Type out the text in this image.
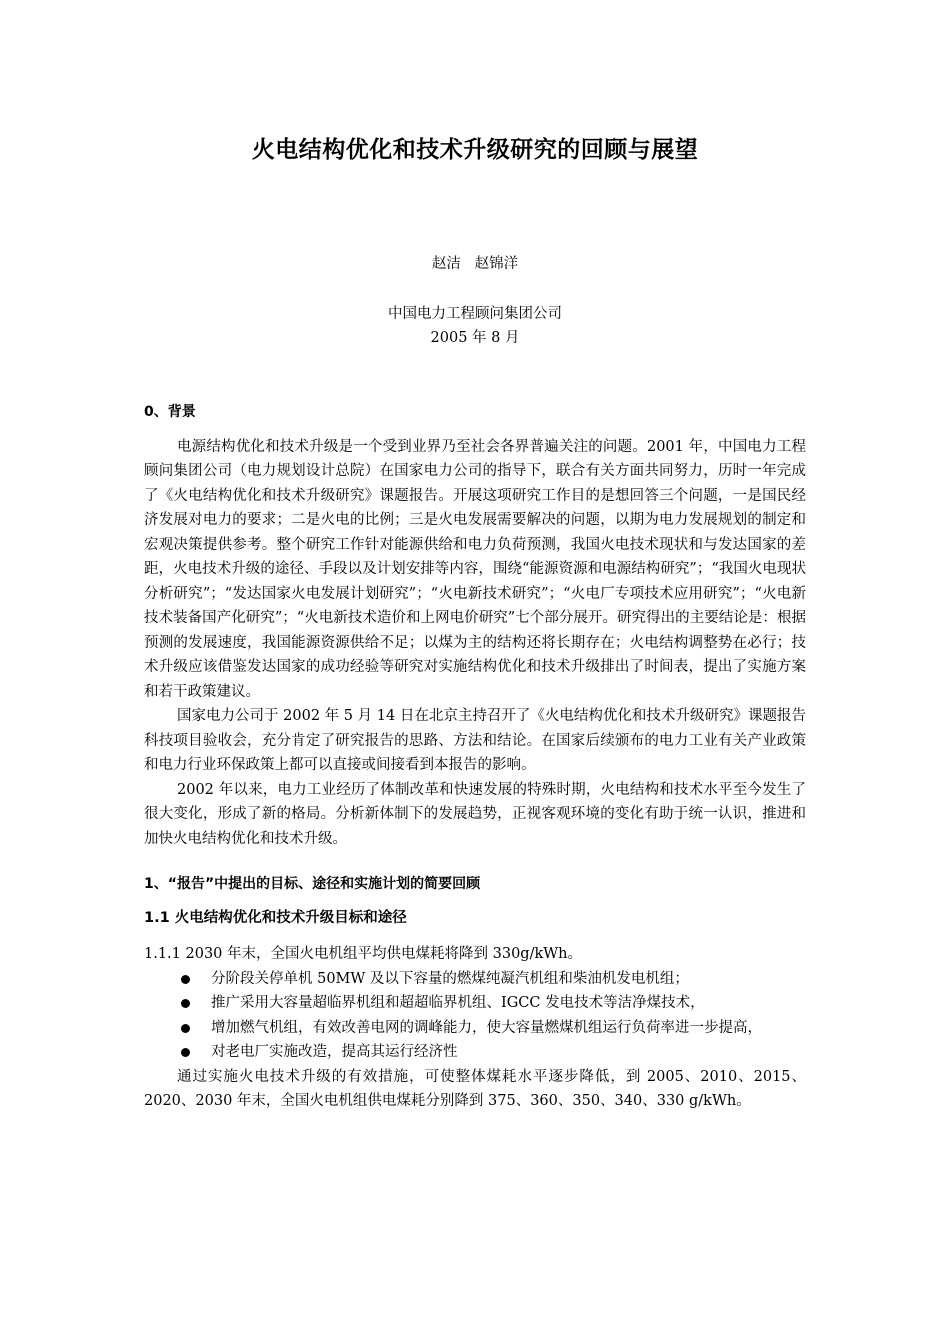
火电结构优化和技术升级研究的回顾与展望
赵洁   赵锦洋
中国电力工程顾问集团公司
2005 年 8 月

0、背景

电源结构优化和技术升级是一个受到业界乃至社会各界普遍关注的问题。2001 年，中国电力工程顾问集团公司（电力规划设计总院）在国家电力公司的指导下，联合有关方面共同努力，历时一年完成了《火电结构优化和技术升级研究》课题报告。开展这项研究工作目的是想回答三个问题，一是国民经济发展对电力的要求；二是火电的比例；三是火电发展需要解决的问题，以期为电力发展规划的制定和宏观决策提供参考。整个研究工作针对能源供给和电力负荷预测，我国火电技术现状和与发达国家的差距，火电技术升级的途径、手段以及计划安排等内容，围绕“能源资源和电源结构研究”；“我国火电现状分析研究”；“发达国家火电发展计划研究”；“火电新技术研究”；“火电厂专项技术应用研究”；“火电新技术装备国产化研究”；“火电新技术造价和上网电价研究”七个部分展开。研究得出的主要结论是：根据预测的发展速度，我国能源资源供给不足；以煤为主的结构还将长期存在；火电结构调整势在必行；技术升级应该借鉴发达国家的成功经验等研究对实施结构优化和技术升级排出了时间表，提出了实施方案和若干政策建议。

国家电力公司于 2002 年 5 月 14 日在北京主持召开了《火电结构优化和技术升级研究》课题报告科技项目验收会，充分肯定了研究报告的思路、方法和结论。在国家后续颁布的电力工业有关产业政策和电力行业环保政策上都可以直接或间接看到本报告的影响。

2002 年以来，电力工业经历了体制改革和快速发展的特殊时期，火电结构和技术水平至今发生了很大变化，形成了新的格局。分析新体制下的发展趋势，正视客观环境的变化有助于统一认识，推进和加快火电结构优化和技术升级。

1、“报告”中提出的目标、途径和实施计划的简要回顾

1.1 火电结构优化和技术升级目标和途径

1.1.1 2030 年末，全国火电机组平均供电煤耗将降到 330g/kWh。

分阶段关停单机 50MW 及以下容量的燃煤纯凝汽机组和柴油机发电机组；
推广采用大容量超临界机组和超超临界机组、IGCC 发电技术等洁净煤技术，
增加燃气机组，有效改善电网的调峰能力，使大容量燃煤机组运行负荷率进一步提高，
对老电厂实施改造，提高其运行经济性

通过实施火电技术升级的有效措施，可使整体煤耗水平逐步降低，到 2005、2010、2015、2020、2030 年末，全国火电机组供电煤耗分别降到 375、360、350、340、330 g/kWh。
